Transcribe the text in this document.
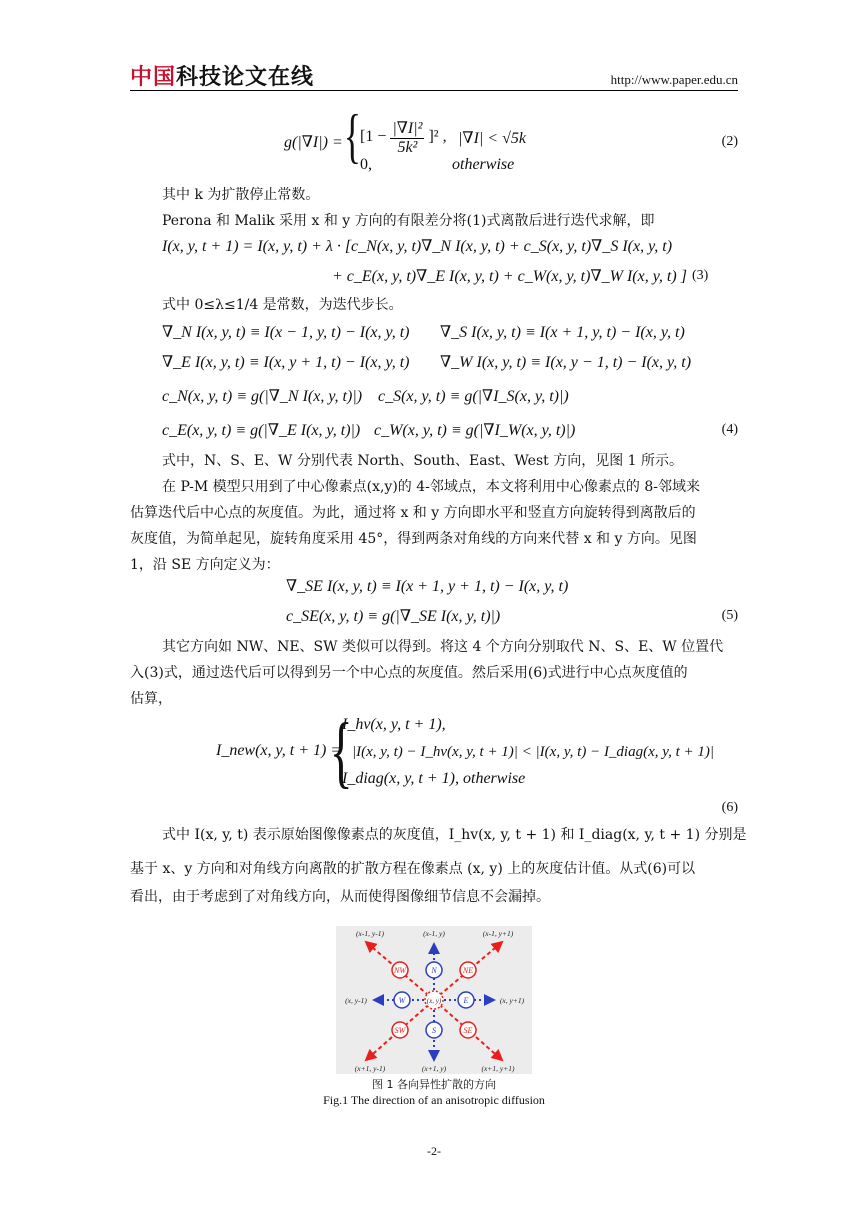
中国科技论文在线	http://www.paper.edu.cn
g(|∇I|) = {
$[1 - \frac{\text{|∇I|²}}{\text{5k²}} ]^2$ , |∇I| < √5k
0,	otherwise
(2)
其中 k 为扩散停止常数。
Perona 和 Malik 采用 x 和 y 方向的有限差分将(1)式离散后进行迭代求解，即
I(x, y, t + 1) = I(x, y, t) + λ · [c_N(x, y, t)∇_N I(x, y, t) + c_S(x, y, t)∇_S I(x, y, t)
+ c_E(x, y, t)∇_E I(x, y, t) + c_W(x, y, t)∇_W I(x, y, t) ] (3)
式中 0≤λ≤1/4 是常数，为迭代步长。
∇_N I(x, y, t) ≡ I(x − 1, y, t) − I(x, y, t) ∇_S I(x, y, t) ≡ I(x + 1, y, t) − I(x, y, t)
∇_E I(x, y, t) ≡ I(x, y + 1, t) − I(x, y, t) ∇_W I(x, y, t) ≡ I(x, y − 1, t) − I(x, y, t)
c_N(x, y, t) ≡ g(|∇_N I(x, y, t)|) c_S(x, y, t) ≡ g(|∇I_S(x, y, t)|)
c_E(x, y, t) ≡ g(|∇_E I(x, y, t)|) c_W(x, y, t) ≡ g(|∇I_W(x, y, t)|)	(4)
式中，N、S、E、W 分别代表 North、South、East、West 方向，见图 1 所示。
在 P-M 模型只用到了中心像素点(x,y)的 4-邻域点，本文将利用中心像素点的 8-邻域来
估算迭代后中心点的灰度值。为此，通过将 x 和 y 方向即水平和竖直方向旋转得到离散后的
灰度值，为简单起见，旋转角度采用 45°，得到两条对角线的方向来代替 x 和 y 方向。见图
1，沿 SE 方向定义为：
∇_SE I(x, y, t) ≡ I(x + 1, y + 1, t) − I(x, y, t)
c_SE(x, y, t) ≡ g(|∇_SE I(x, y, t)|)	(5)
其它方向如 NW、NE、SW 类似可以得到。将这 4 个方向分别取代 N、S、E、W 位置代
入(3)式，通过迭代后可以得到另一个中心点的灰度值。然后采用(6)式进行中心点灰度值的
估算，
I_new(x, y, t + 1) =
{
I_hv(x, y, t + 1),
|I(x, y, t) − I_hv(x, y, t + 1)| < |I(x, y, t) − I_diag(x, y, t + 1)|
I_diag(x, y, t + 1), otherwise
(6)
式中 I(x, y, t) 表示原始图像像素点的灰度值，I_hv(x, y, t + 1) 和 I_diag(x, y, t + 1) 分别是
基于 x、y 方向和对角线方向离散的扩散方程在像素点 (x, y) 上的灰度估计值。从式(6)可以
看出，由于考虑到了对角线方向，从而使得图像细节信息不会漏掉。
NW	N	NE
W	(x, y)	E
SW	S	SE
(x-1, y-1)	(x-1, y)	(x-1, y+1)
(x, y-1)	(x, y+1)
(x+1, y-1)	(x+1, y)	(x+1, y+1)
图 1 各向异性扩散的方向
Fig.1 The direction of an anisotropic diffusion
-2-
